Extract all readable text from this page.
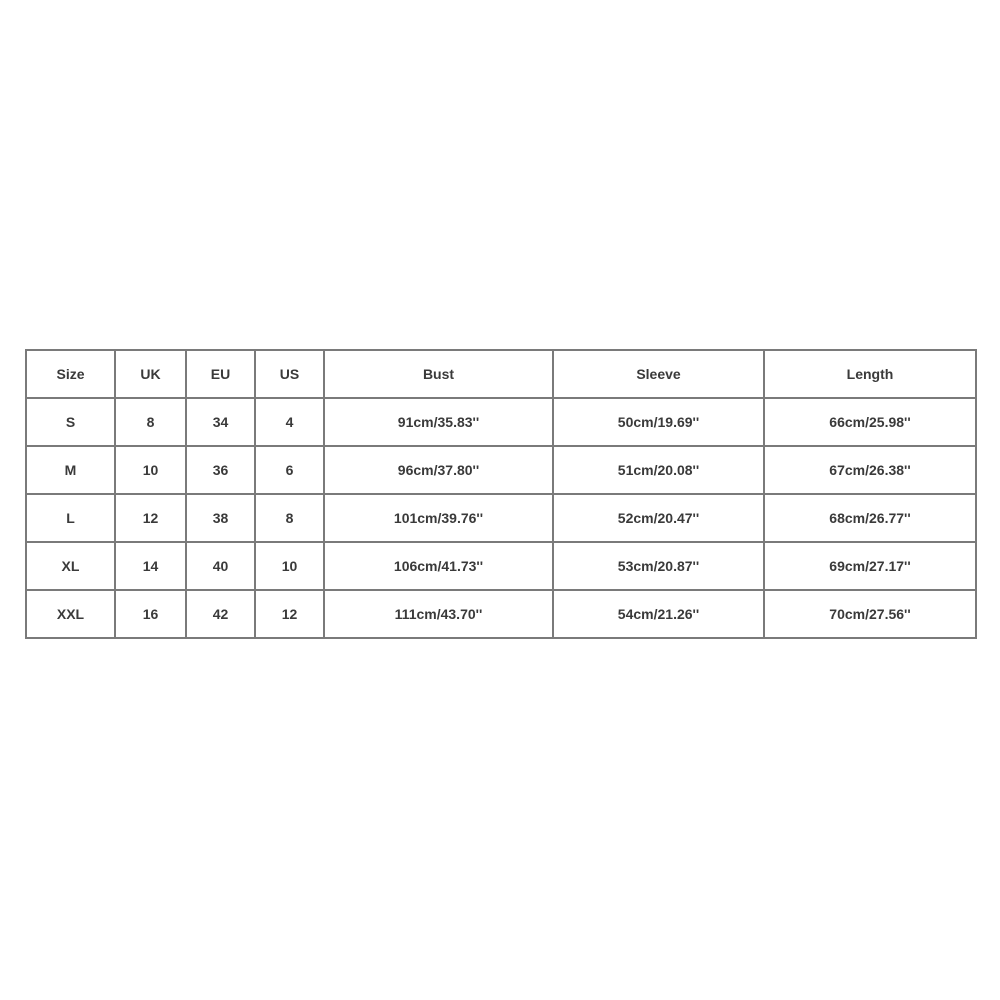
Size	UK	EU	US	Bust	Sleeve	Length
S	8	34	4	91cm/35.83''	50cm/19.69''	66cm/25.98''
M	10	36	6	96cm/37.80''	51cm/20.08''	67cm/26.38''
L	12	38	8	101cm/39.76''	52cm/20.47''	68cm/26.77''
XL	14	40	10	106cm/41.73''	53cm/20.87''	69cm/27.17''
XXL	16	42	12	111cm/43.70''	54cm/21.26''	70cm/27.56''
